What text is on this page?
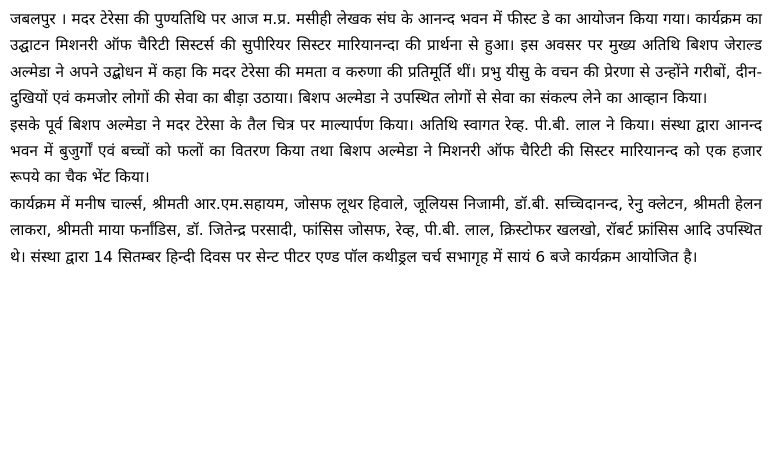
जबलपुर । मदर टेरेसा की पुण्यतिथि पर आज म.प्र. मसीही लेखक संघ के आनन्द भवन में फीस्ट डे का आयोजन किया गया। कार्यक्रम का उद्घाटन मिशनरी ऑफ चैरिटी सिस्टर्स की सुपीरियर सिस्टर मारियानन्दा की प्रार्थना से हुआ। इस अवसर पर मुख्य अतिथि बिशप जेराल्ड अल्मेडा ने अपने उद्बोधन में कहा कि मदर टेरेसा की ममता व करुणा की प्रतिमूर्ति थीं। प्रभु यीसु के वचन की प्रेरणा से उन्होंने गरीबों, दीन-दुखियों एवं कमजोर लोगों की सेवा का बीड़ा उठाया। बिशप अल्मेडा ने उपस्थित लोगों से सेवा का संकल्प लेने का आव्हान किया।

इसके पूर्व बिशप अल्मेडा ने मदर टेरेसा के तैल चित्र पर माल्यार्पण किया। अतिथि स्वागत रेव्ह. पी.बी. लाल ने किया। संस्था द्वारा आनन्द भवन में बुजुर्गों एवं बच्चों को फलों का वितरण किया तथा बिशप अल्मेडा ने मिशनरी ऑफ चैरिटी की सिस्टर मारियानन्द को एक हजार रूपये का चैक भेंट किया।

कार्यक्रम में मनीष चार्ल्स, श्रीमती आर.एम.सहायम, जोसफ लूथर हिवाले, जूलियस निजामी, डॉ.बी. सच्चिदानन्द, रेनु क्लेटन, श्रीमती हेलन लाकरा, श्रीमती माया फर्नांडिस, डॉ. जितेन्द्र परसादी, फांसिस जोसफ, रेव्ह, पी.बी. लाल, क्रिस्टोफर खलखो, रॉबर्ट फ्रांसिस आदि उपस्थित थे। संस्था द्वारा 14 सितम्बर हिन्दी दिवस पर सेन्ट पीटर एण्ड पॉल कथीड्रल चर्च सभागृह में सायं 6 बजे कार्यक्रम आयोजित है।
